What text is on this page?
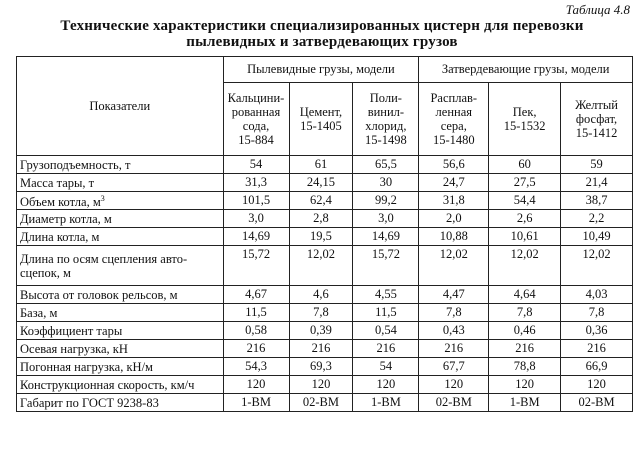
Таблица 4.8
Технические характеристики специализированных цистерн для перевозки
пылевидных и затвердевающих грузов
Показатели	Пылевидные грузы, модели			Затвердевающие грузы, модели		
	Кальцини-
рованная
сода,
15-884	Цемент,
15-1405	Поли-
винил-
хлорид,
15-1498	Расплав-
ленная
сера,
15-1480	Пек,
15-1532	Желтый
фосфат,
15-1412
Грузоподъемность, т	54	61	65,5	56,6	60	59
Масса тары, т	31,3	24,15	30	24,7	27,5	21,4
Объем котла, $м^3$	101,5	62,4	99,2	31,8	54,4	38,7
Диаметр котла, м	3,0	2,8	3,0	2,0	2,6	2,2
Длина котла, м	14,69	19,5	14,69	10,88	10,61	10,49
Длина по осям сцепления авто-
сцепок, м	15,72	12,02	15,72	12,02	12,02	12,02
Высота от головок рельсов, м	4,67	4,6	4,55	4,47	4,64	4,03
База, м	11,5	7,8	11,5	7,8	7,8	7,8
Коэффициент тары	0,58	0,39	0,54	0,43	0,46	0,36
Осевая нагрузка, кН	216	216	216	216	216	216
Погонная нагрузка, кН/м	54,3	69,3	54	67,7	78,8	66,9
Конструкционная скорость, км/ч	120	120	120	120	120	120
Габарит по ГОСТ 9238-83	1-ВМ	02-ВМ	1-ВМ	02-ВМ	1-ВМ	02-ВМ
